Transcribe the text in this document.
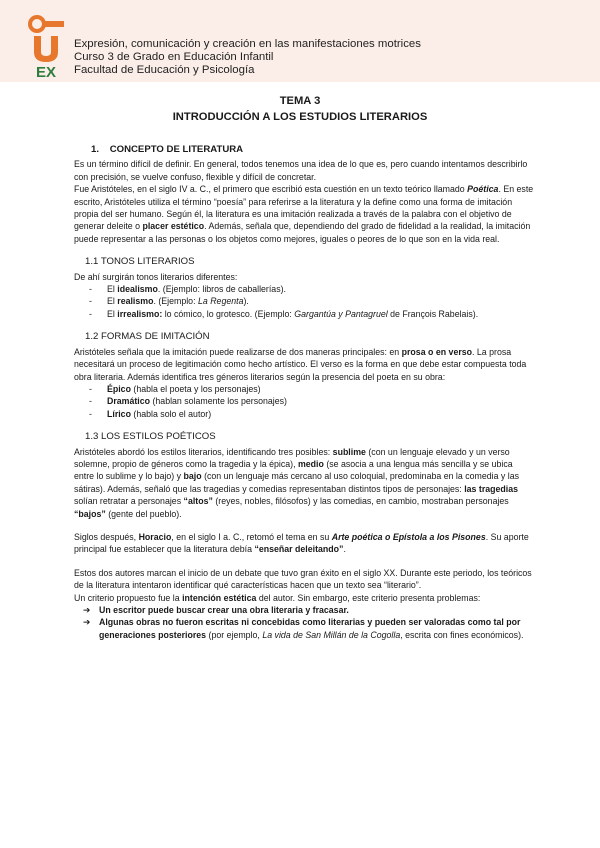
EX
Expresión, comunicación y creación en las manifestaciones motrices
Curso 3 de Grado en Educación Infantil
Facultad de Educación y Psicología
TEMA 3
INTRODUCCIÓN A LOS ESTUDIOS LITERARIOS
1. CONCEPTO DE LITERATURA

Es un término difícil de definir. En general, todos tenemos una idea de lo que es, pero cuando intentamos describirlo con precisión, se vuelve confuso, flexible y difícil de concretar.

Fue Aristóteles, en el siglo IV a. C., el primero que escribió esta cuestión en un texto teórico llamado Poética. En este escrito, Aristóteles utiliza el término “poesía” para referirse a la literatura y la define como una forma de imitación propia del ser humano. Según él, la literatura es una imitación realizada a través de la palabra con el objetivo de generar deleite o placer estético. Además, señala que, dependiendo del grado de fidelidad a la realidad, la imitación puede representar a las personas o los objetos como mejores, iguales o peores de lo que son en la vida real.

1.1 TONOS LITERARIOS

De ahí surgirán tonos literarios diferentes:

- El idealismo. (Ejemplo: libros de caballerías).
- El realismo. (Ejemplo: La Regenta).
- El irrealismo: lo cómico, lo grotesco. (Ejemplo: Gargantúa y Pantagruel de François Rabelais).
1.2 FORMAS DE IMITACIÓN

Aristóteles señala que la imitación puede realizarse de dos maneras principales: en prosa o en verso. La prosa necesitará un proceso de legitimación como hecho artístico. El verso es la forma en que debe estar compuesta toda obra literaria. Además identifica tres géneros literarios según la presencia del poeta en su obra:

- Épico (habla el poeta y los personajes)
- Dramático (hablan solamente los personajes)
- Lírico (habla solo el autor)
1.3 LOS ESTILOS POÉTICOS

Aristóteles abordó los estilos literarios, identificando tres posibles: sublime (con un lenguaje elevado y un verso solemne, propio de géneros como la tragedia y la épica), medio (se asocia a una lengua más sencilla y se ubica entre lo sublime y lo bajo) y bajo (con un lenguaje más cercano al uso coloquial, predominaba en la comedia y las sátiras). Además, señaló que las tragedias y comedias representaban distintos tipos de personajes: las tragedias solían retratar a personajes “altos” (reyes, nobles, filósofos) y las comedias, en cambio, mostraban personajes “bajos” (gente del pueblo).

Siglos después, Horacio, en el siglo I a. C., retomó el tema en su Arte poética o Epístola a los Pisones. Su aporte principal fue establecer que la literatura debía “enseñar deleitando”.

Estos dos autores marcan el inicio de un debate que tuvo gran éxito en el siglo XX. Durante este periodo, los teóricos de la literatura intentaron identificar qué características hacen que un texto sea “literario”.

Un criterio propuesto fue la intención estética del autor. Sin embargo, este criterio presenta problemas:

➔ Un escritor puede buscar crear una obra literaria y fracasar.
➔ Algunas obras no fueron escritas ni concebidas como literarias y pueden ser valoradas como tal por generaciones posteriores (por ejemplo, La vida de San Millán de la Cogolla, escrita con fines económicos).
